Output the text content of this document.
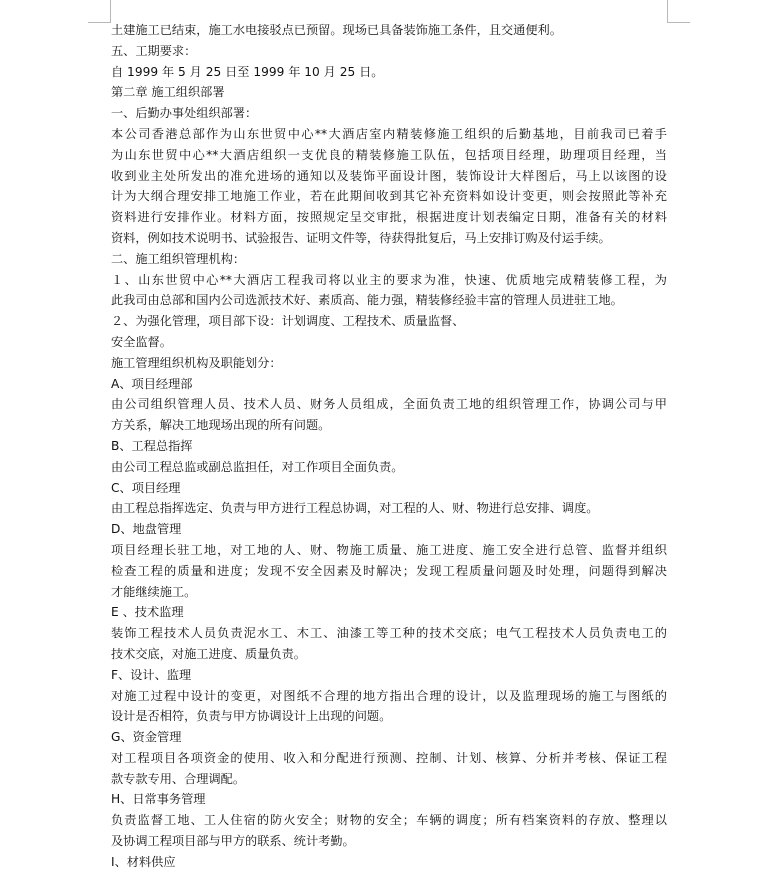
土建施工已结束，施工水电接驳点已预留。现场已具备装饰施工条件，且交通便利。
五、工期要求：
自 1999 年 5 月 25 日至 1999 年 10 月 25 日。
第二章 施工组织部署
一、后勤办事处组织部署：
本公司香港总部作为山东世贸中心**大酒店室内精装修施工组织的后勤基地，目前我司已着手
为山东世贸中心**大酒店组织一支优良的精装修施工队伍，包括项目经理，助理项目经理，当
收到业主处所发出的准允进场的通知以及装饰平面设计图，装饰设计大样图后，马上以该图的设
计为大纲合理安排工地施工作业，若在此期间收到其它补充资料如设计变更，则会按照此等补充
资料进行安排作业。材料方面，按照规定呈交审批，根据进度计划表编定日期，准备有关的材料
资料，例如技术说明书、试验报告、证明文件等，待获得批复后，马上安排订购及付运手续。
二、施工组织管理机构：
１、山东世贸中心**大酒店工程我司将以业主的要求为准，快速、优质地完成精装修工程，为
此我司由总部和国内公司选派技术好、素质高、能力强，精装修经验丰富的管理人员进驻工地。
２、为强化管理，项目部下设：计划调度、工程技术、质量监督、
安全监督。
施工管理组织机构及职能划分：
A、项目经理部
由公司组织管理人员、技术人员、财务人员组成，全面负责工地的组织管理工作，协调公司与甲
方关系，解决工地现场出现的所有问题。
B、工程总指挥
由公司工程总监或副总监担任，对工作项目全面负责。
C、项目经理
由工程总指挥选定、负责与甲方进行工程总协调，对工程的人、财、物进行总安排、调度。
D、地盘管理
项目经理长驻工地，对工地的人、财、物施工质量、施工进度、施工安全进行总管、监督并组织
检查工程的质量和进度；发现不安全因素及时解决；发现工程质量问题及时处理，问题得到解决
才能继续施工。
E 、技术监理
装饰工程技术人员负责泥水工、木工、油漆工等工种的技术交底；电气工程技术人员负责电工的
技术交底，对施工进度、质量负责。
F、设计、监理
对施工过程中设计的变更，对图纸不合理的地方指出合理的设计，以及监理现场的施工与图纸的
设计是否相符，负责与甲方协调设计上出现的问题。
G、资金管理
对工程项目各项资金的使用、收入和分配进行预测、控制、计划、核算、分析并考核、保证工程
款专款专用、合理调配。
H、日常事务管理
负责监督工地、工人住宿的防火安全；财物的安全；车辆的调度；所有档案资料的存放、整理以
及协调工程项目部与甲方的联系、统计考勤。
I、材料供应
